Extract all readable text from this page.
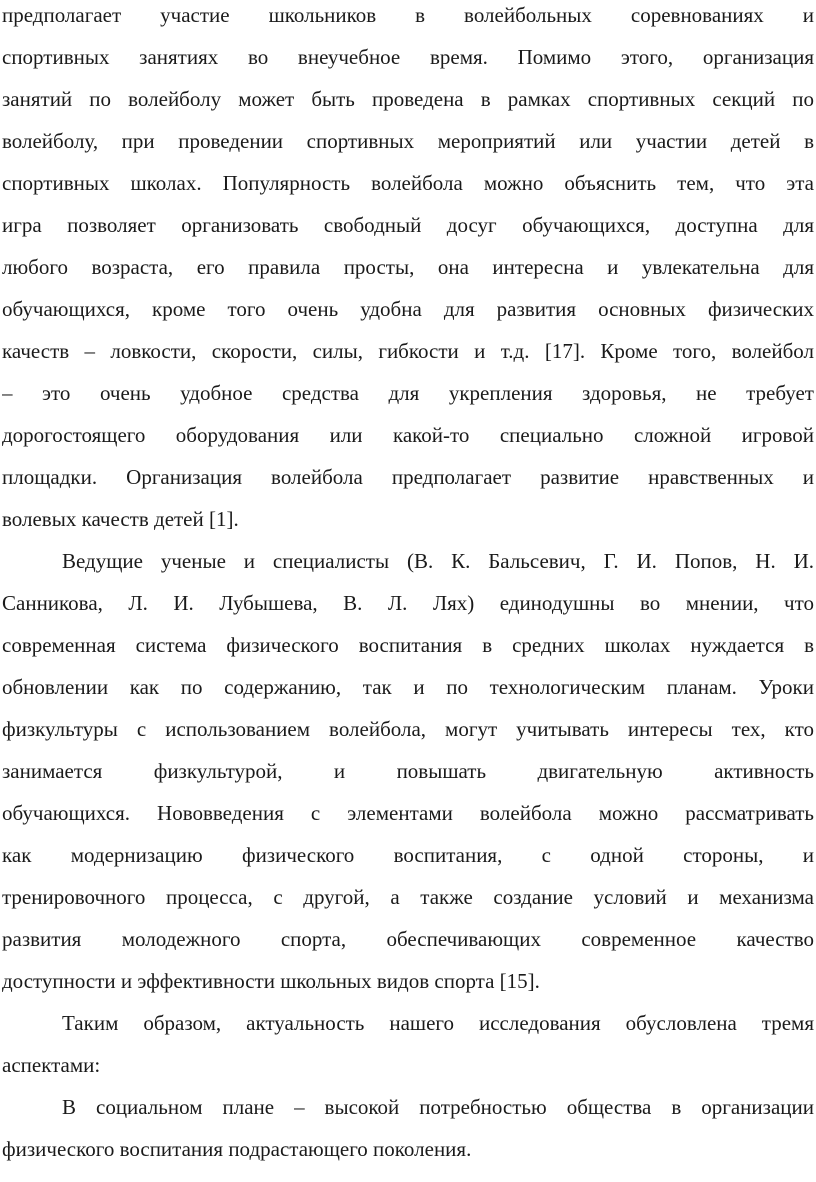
предполагает участие школьников в волейбольных соревнованиях и
спортивных занятиях во внеучебное время. Помимо этого, организация
занятий по волейболу может быть проведена в рамках спортивных секций по
волейболу, при проведении спортивных мероприятий или участии детей в
спортивных школах. Популярность волейбола можно объяснить тем, что эта
игра позволяет организовать свободный досуг обучающихся, доступна для
любого возраста, его правила просты, она интересна и увлекательна для
обучающихся, кроме того очень удобна для развития основных физических
качеств – ловкости, скорости, силы, гибкости и т.д. [17]. Кроме того, волейбол
– это очень удобное средства для укрепления здоровья, не требует
дорогостоящего оборудования или какой-то специально сложной игровой
площадки. Организация волейбола предполагает развитие нравственных и
волевых качеств детей [1].
Ведущие ученые и специалисты (В. К. Бальсевич, Г. И. Попов, Н. И.
Санникова, Л. И. Лубышева, В. Л. Лях) единодушны во мнении, что
современная система физического воспитания в средних школах нуждается в
обновлении как по содержанию, так и по технологическим планам. Уроки
физкультуры с использованием волейбола, могут учитывать интересы тех, кто
занимается физкультурой, и повышать двигательную активность
обучающихся. Нововведения с элементами волейбола можно рассматривать
как модернизацию физического воспитания, с одной стороны, и
тренировочного процесса, с другой, а также создание условий и механизма
развития молодежного спорта, обеспечивающих современное качество
доступности и эффективности школьных видов спорта [15].
Таким образом, актуальность нашего исследования обусловлена тремя
аспектами:
В социальном плане – высокой потребностью общества в организации
физического воспитания подрастающего поколения.
